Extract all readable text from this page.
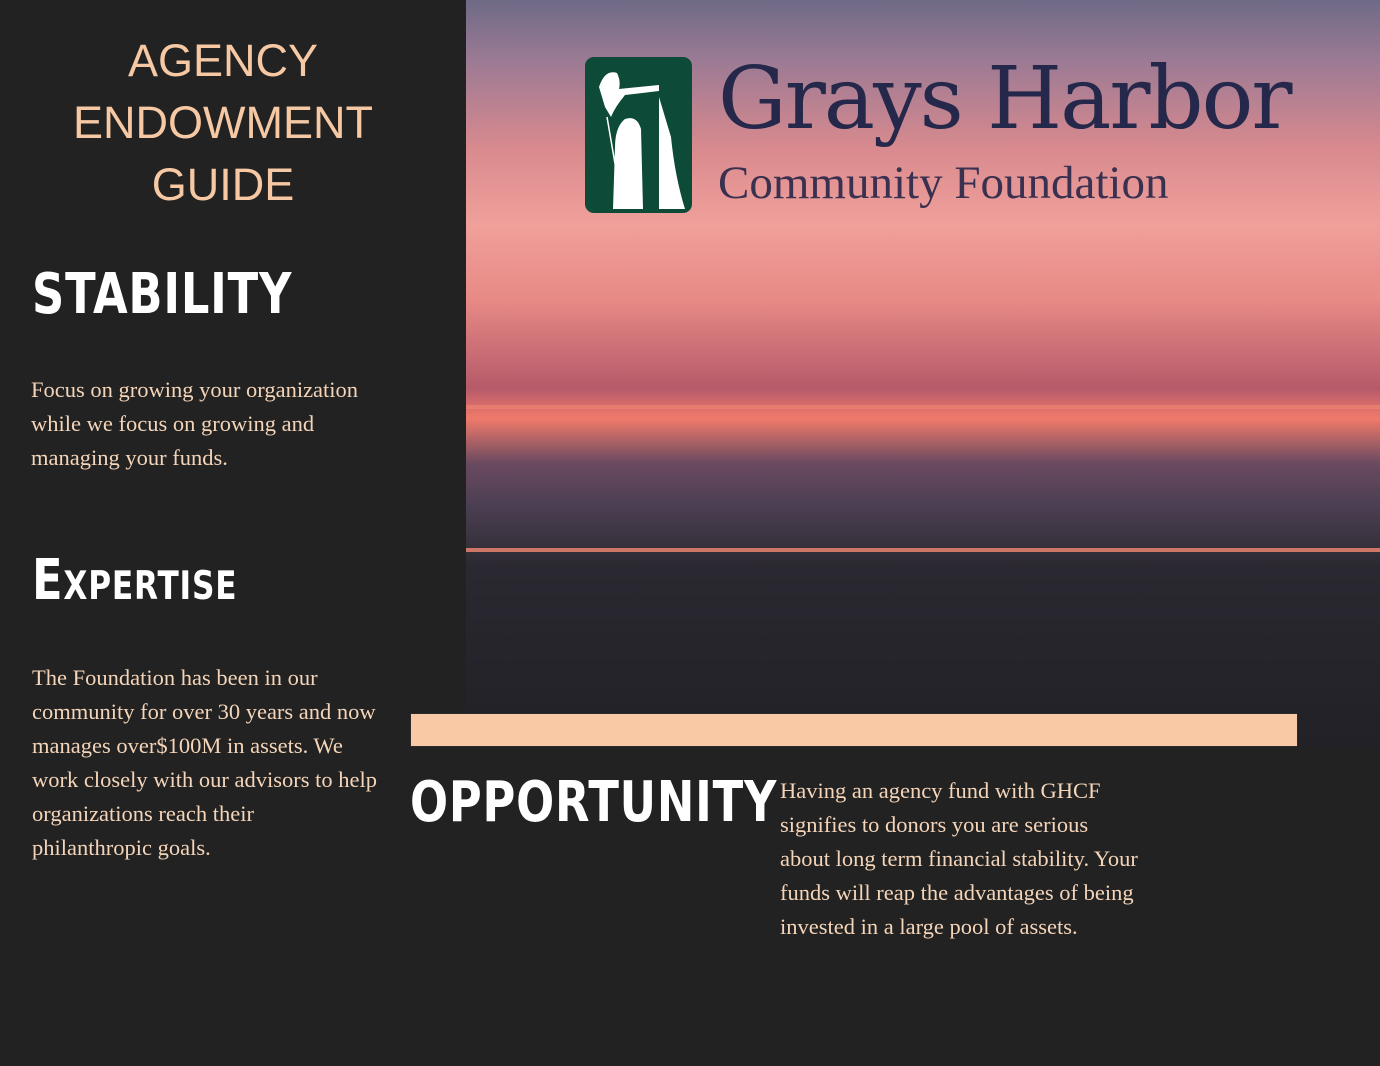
Grays Harbor
Community Foundation
AGENCY
ENDOWMENT
GUIDE
STABILITY
Focus on growing your organization while we focus on growing and managing your funds.
Expertise
The Foundation has been in our community for over 30 years and now manages over$100M in assets. We work closely with our advisors to help organizations reach their philanthropic goals.
OPPORTUNITY Having an agency fund with GHCF signifies to donors you are serious about long term financial stability. Your funds will reap the advantages of being invested in a large pool of assets.
